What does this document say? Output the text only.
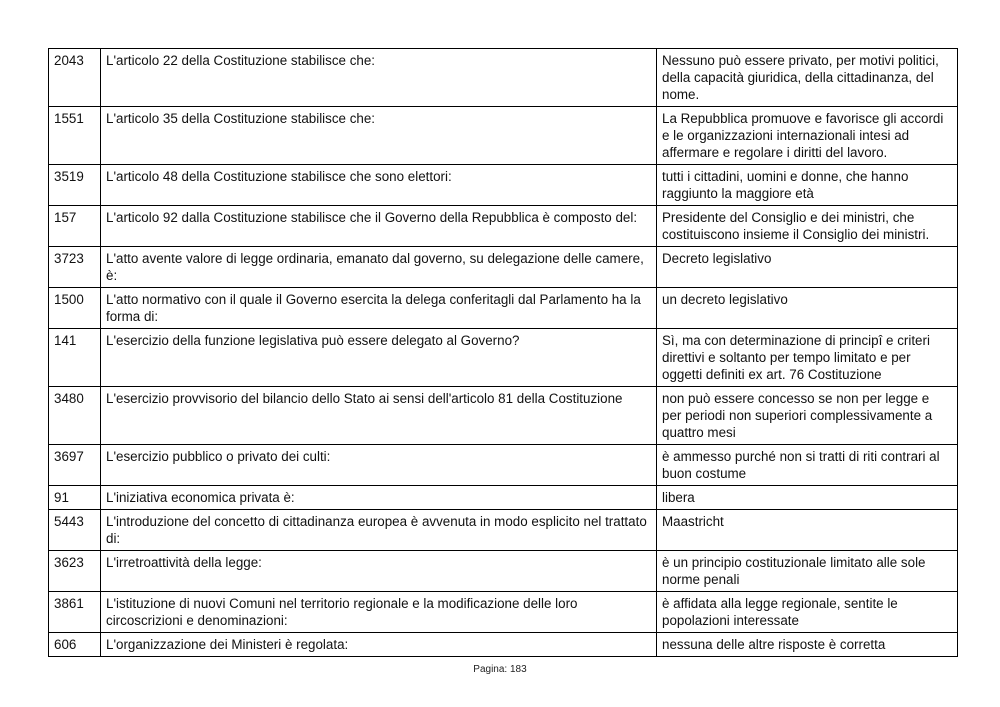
2043	L'articolo 22 della Costituzione stabilisce che:	Nessuno può essere privato, per motivi politici, della capacità giuridica, della cittadinanza, del nome.
1551	L'articolo 35 della Costituzione stabilisce che:	La Repubblica promuove e favorisce gli accordi e le organizzazioni internazionali intesi ad affermare e regolare i diritti del lavoro.
3519	L'articolo 48 della Costituzione stabilisce che sono elettori:	tutti i cittadini, uomini e donne, che hanno raggiunto la maggiore età
157	L'articolo 92 dalla Costituzione stabilisce che il Governo della Repubblica è composto del:	Presidente del Consiglio e dei ministri, che costituiscono insieme il Consiglio dei ministri.
3723	L'atto avente valore di legge ordinaria, emanato dal governo, su delegazione delle camere, è:	Decreto legislativo
1500	L'atto normativo con il quale il Governo esercita la delega conferitagli dal Parlamento ha la forma di:	un decreto legislativo
141	L'esercizio della funzione legislativa può essere delegato al Governo?	Sì, ma con determinazione di principî e criteri direttivi e soltanto per tempo limitato e per oggetti definiti ex art. 76 Costituzione
3480	L'esercizio provvisorio del bilancio dello Stato ai sensi dell'articolo 81 della Costituzione	non può essere concesso se non per legge e per periodi non superiori complessivamente a quattro mesi
3697	L'esercizio pubblico o privato dei culti:	è ammesso purché non si tratti di riti contrari al buon costume
91	L'iniziativa economica privata è:	libera
5443	L'introduzione del concetto di cittadinanza europea è avvenuta in modo esplicito nel trattato di:	Maastricht
3623	L'irretroattività della legge:	è un principio costituzionale limitato alle sole norme penali
3861	L'istituzione di nuovi Comuni nel territorio regionale e la modificazione delle loro circoscrizioni e denominazioni:	è affidata alla legge regionale, sentite le popolazioni interessate
606	L'organizzazione dei Ministeri è regolata:	nessuna delle altre risposte è corretta
Pagina: 183
